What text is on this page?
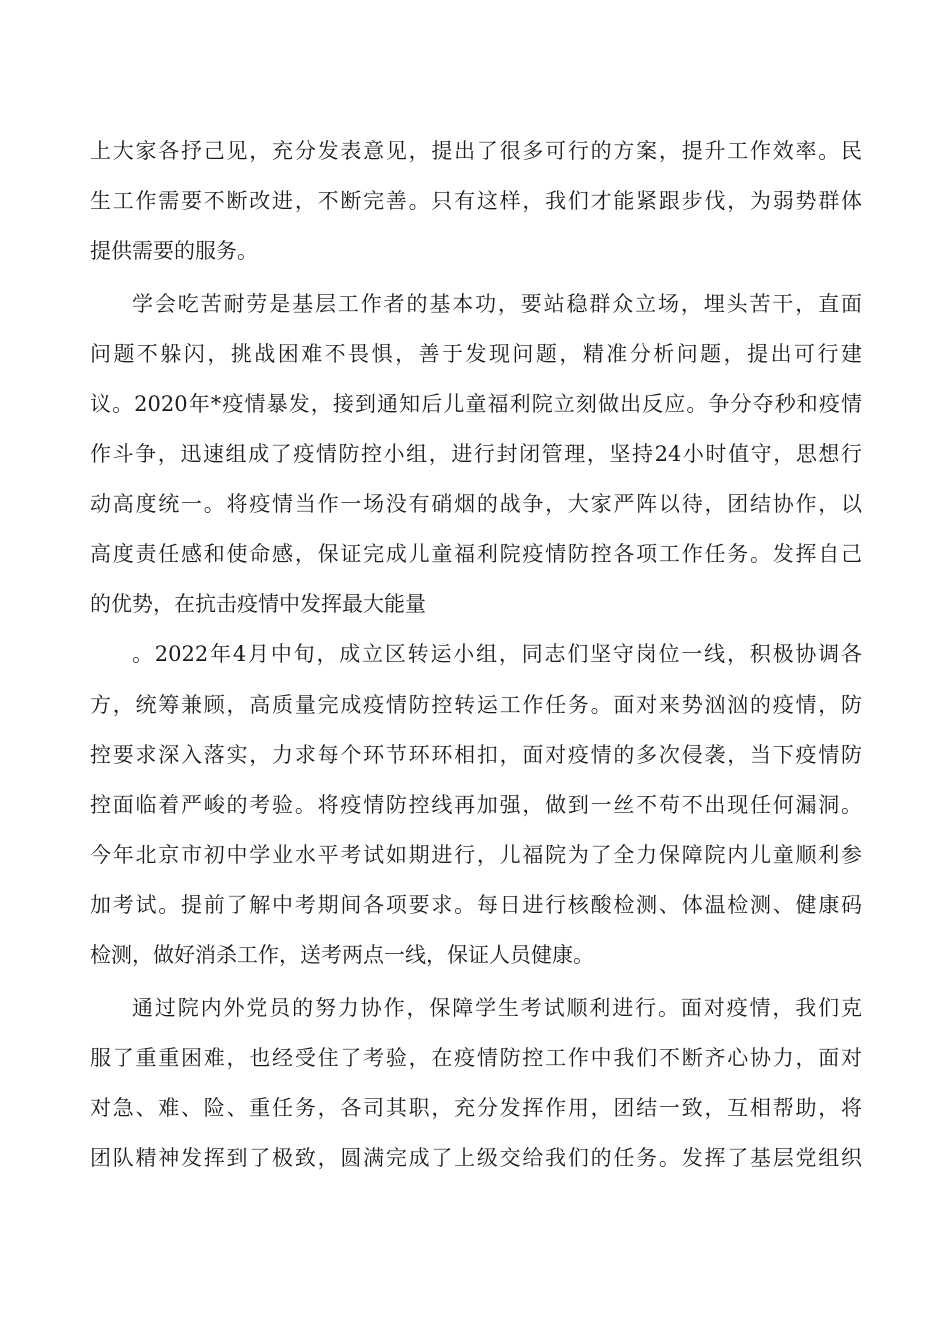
上大家各抒己见，充分发表意见，提出了很多可行的方案，提升工作效率。民
生工作需要不断改进，不断完善。只有这样，我们才能紧跟步伐，为弱势群体
提供需要的服务。
学会吃苦耐劳是基层工作者的基本功，要站稳群众立场，埋头苦干，直面
问题不躲闪，挑战困难不畏惧，善于发现问题，精准分析问题，提出可行建
议。2020年*疫情暴发，接到通知后儿童福利院立刻做出反应。争分夺秒和疫情
作斗争，迅速组成了疫情防控小组，进行封闭管理，坚持24小时值守，思想行
动高度统一。将疫情当作一场没有硝烟的战争，大家严阵以待，团结协作，以
高度责任感和使命感，保证完成儿童福利院疫情防控各项工作任务。发挥自己
的优势，在抗击疫情中发挥最大能量
。2022年4月中旬，成立区转运小组，同志们坚守岗位一线，积极协调各
方，统筹兼顾，高质量完成疫情防控转运工作任务。面对来势汹汹的疫情，防
控要求深入落实，力求每个环节环环相扣，面对疫情的多次侵袭，当下疫情防
控面临着严峻的考验。将疫情防控线再加强，做到一丝不苟不出现任何漏洞。
今年北京市初中学业水平考试如期进行，儿福院为了全力保障院内儿童顺利参
加考试。提前了解中考期间各项要求。每日进行核酸检测、体温检测、健康码
检测，做好消杀工作，送考两点一线，保证人员健康。
通过院内外党员的努力协作，保障学生考试顺利进行。面对疫情，我们克
服了重重困难，也经受住了考验，在疫情防控工作中我们不断齐心协力，面对
对急、难、险、重任务，各司其职，充分发挥作用，团结一致，互相帮助，将
团队精神发挥到了极致，圆满完成了上级交给我们的任务。发挥了基层党组织
